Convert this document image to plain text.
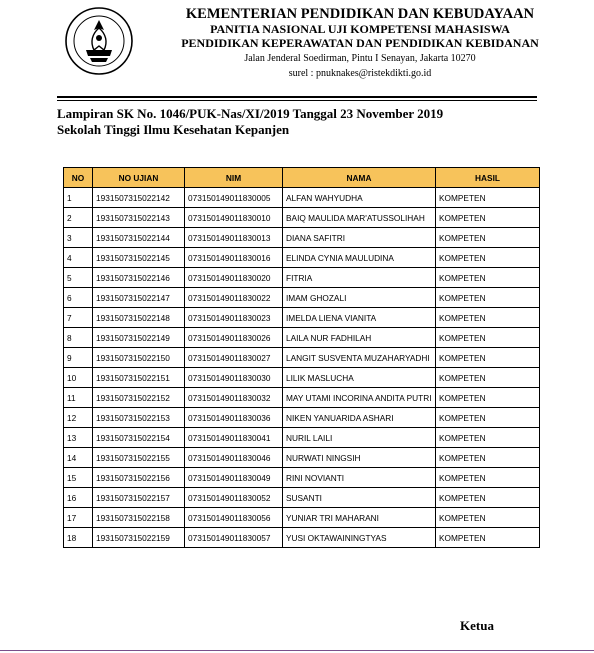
KEMENTERIAN PENDIDIKAN DAN KEBUDAYAAN
PANITIA NASIONAL UJI KOMPETENSI MAHASISWA
PENDIDIKAN KEPERAWATAN DAN PENDIDIKAN KEBIDANAN
Jalan Jenderal Soedirman, Pintu I Senayan, Jakarta 10270
surel : pnuknakes@ristekdikti.go.id
Lampiran SK No. 1046/PUK-Nas/XI/2019 Tanggal 23 November 2019
Sekolah Tinggi Ilmu Kesehatan Kepanjen
NO	NO UJIAN	NIM	NAMA	HASIL
1	1931507315022142	073150149011830005	ALFAN WAHYUDHA	KOMPETEN
2	1931507315022143	073150149011830010	BAIQ MAULIDA MAR'ATUSSOLIHAH	KOMPETEN
3	1931507315022144	073150149011830013	DIANA SAFITRI	KOMPETEN
4	1931507315022145	073150149011830016	ELINDA CYNIA MAULUDINA	KOMPETEN
5	1931507315022146	073150149011830020	FITRIA	KOMPETEN
6	1931507315022147	073150149011830022	IMAM GHOZALI	KOMPETEN
7	1931507315022148	073150149011830023	IMELDA LIENA VIANITA	KOMPETEN
8	1931507315022149	073150149011830026	LAILA NUR FADHILAH	KOMPETEN
9	1931507315022150	073150149011830027	LANGIT SUSVENTA MUZAHARYADHI	KOMPETEN
10	1931507315022151	073150149011830030	LILIK MASLUCHA	KOMPETEN
11	1931507315022152	073150149011830032	MAY UTAMI INCORINA ANDITA PUTRI	KOMPETEN
12	1931507315022153	073150149011830036	NIKEN YANUARIDA ASHARI	KOMPETEN
13	1931507315022154	073150149011830041	NURIL LAILI	KOMPETEN
14	1931507315022155	073150149011830046	NURWATI NINGSIH	KOMPETEN
15	1931507315022156	073150149011830049	RINI NOVIANTI	KOMPETEN
16	1931507315022157	073150149011830052	SUSANTI	KOMPETEN
17	1931507315022158	073150149011830056	YUNIAR TRI MAHARANI	KOMPETEN
18	1931507315022159	073150149011830057	YUSI OKTAWAININGTYAS	KOMPETEN
Ketua
